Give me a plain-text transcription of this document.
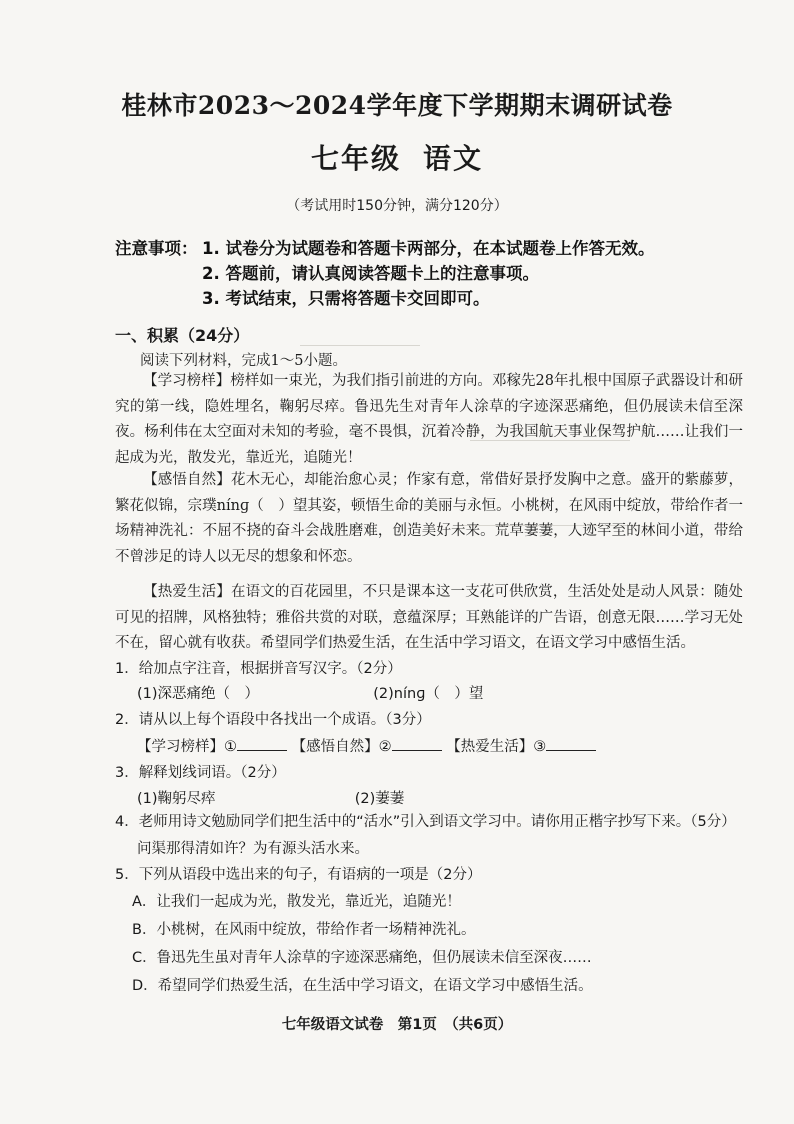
桂林市2023～2024学年度下学期期末调研试卷
七年级 语文
（考试用时150分钟，满分120分）
注意事项： 1. 试卷分为试题卷和答题卡两部分，在本试题卷上作答无效。
2. 答题前，请认真阅读答题卡上的注意事项。
3. 考试结束，只需将答题卡交回即可。
一、积累（24分）
阅读下列材料，完成1～5小题。
【学习榜样】榜样如一束光，为我们指引前进的方向。邓稼先28年扎根中国原子武器设计和研究的第一线，隐姓埋名，鞠躬尽瘁。鲁迅先生对青年人涂草的字迹深恶痛绝，但仍展读未信至深夜。杨利伟在太空面对未知的考验，毫不畏惧，沉着冷静，为我国航天事业保驾护航……让我们一起成为光，散发光，靠近光，追随光！
【感悟自然】花木无心，却能治愈心灵；作家有意，常借好景抒发胸中之意。盛开的紫藤萝，繁花似锦，宗璞nínɡ（　）望其姿，顿悟生命的美丽与永恒。小桃树，在风雨中绽放，带给作者一场精神洗礼：不屈不挠的奋斗会战胜磨难，创造美好未来。荒草萋萋，人迹罕至的林间小道，带给不曾涉足的诗人以无尽的想象和怀恋。
【热爱生活】在语文的百花园里，不只是课本这一支花可供欣赏，生活处处是动人风景：随处可见的招牌，风格独特；雅俗共赏的对联，意蕴深厚；耳熟能详的广告语，创意无限……学习无处不在，留心就有收获。希望同学们热爱生活，在生活中学习语文，在语文学习中感悟生活。
1．给加点字注音，根据拼音写汉字。（2分）
(1)深恶痛绝（　）	(2)nínɡ（　）望
2．请从以上每个语段中各找出一个成语。（3分）
【学习榜样】①	【感悟自然】②	【热爱生活】③
3．解释划线词语。（2分）
(1)鞠躬尽瘁	(2)萋萋
4．老师用诗文勉励同学们把生活中的“活水”引入到语文学习中。请你用正楷字抄写下来。（5分）
问渠那得清如许？为有源头活水来。
5．下列从语段中选出来的句子，有语病的一项是（2分）
A．让我们一起成为光，散发光，靠近光，追随光！
B．小桃树，在风雨中绽放，带给作者一场精神洗礼。
C．鲁迅先生虽对青年人涂草的字迹深恶痛绝，但仍展读未信至深夜……
D．希望同学们热爱生活，在生活中学习语文，在语文学习中感悟生活。
七年级语文试卷　第1页　（共6页）
